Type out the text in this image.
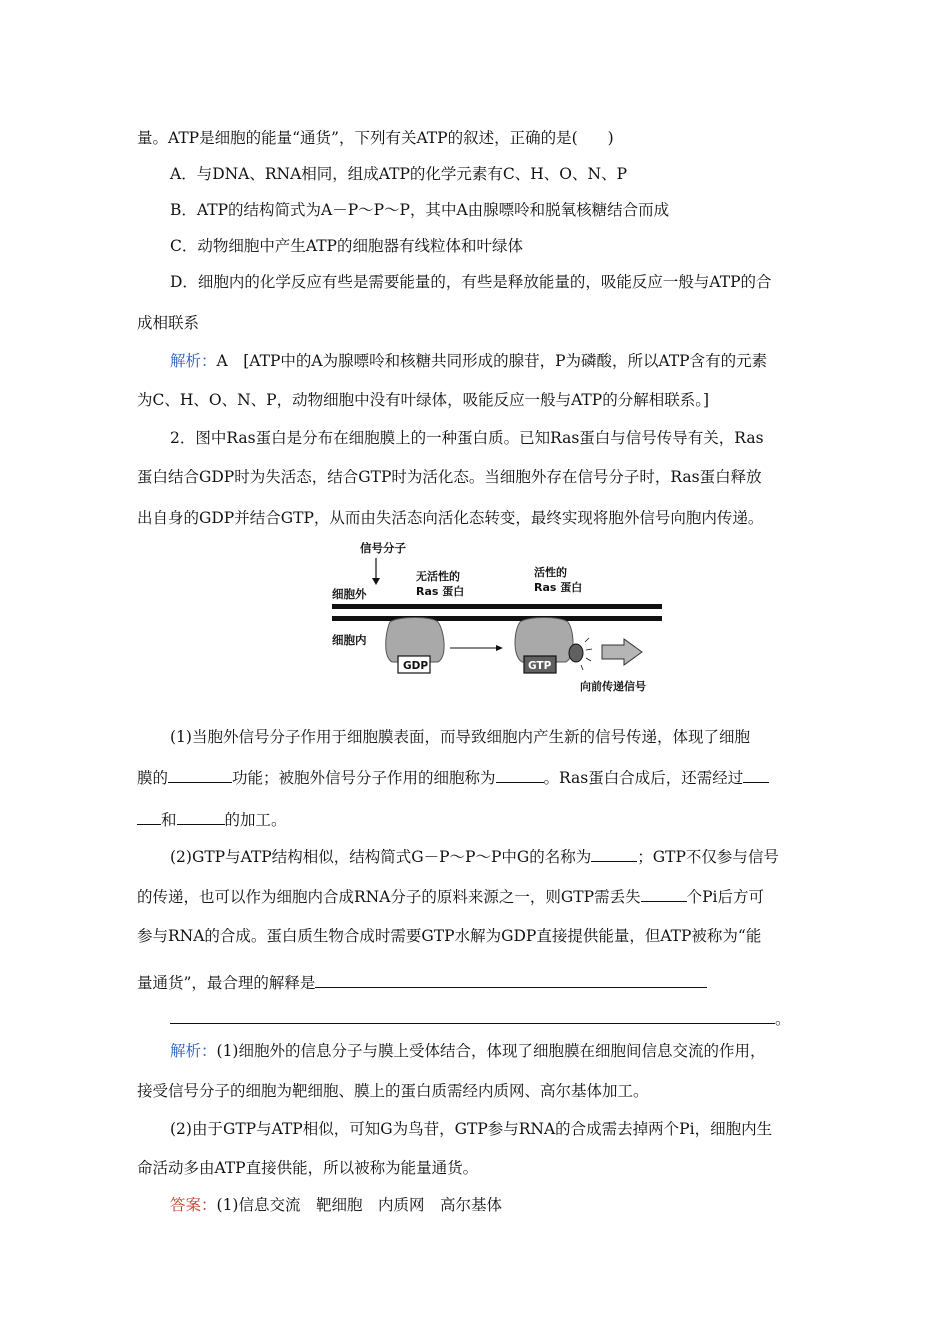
量。ATP是细胞的能量“通货”，下列有关ATP的叙述，正确的是( )
A．与DNA、RNA相同，组成ATP的化学元素有C、H、O、N、P
B．ATP的结构简式为A－P～P～P，其中A由腺嘌呤和脱氧核糖结合而成
C．动物细胞中产生ATP的细胞器有线粒体和叶绿体
D．细胞内的化学反应有些是需要能量的，有些是释放能量的，吸能反应一般与ATP的合
成相联系
解析：A　[ATP中的A为腺嘌呤和核糖共同形成的腺苷，P为磷酸，所以ATP含有的元素
为C、H、O、N、P，动物细胞中没有叶绿体，吸能反应一般与ATP的分解相联系。]
2．图中Ras蛋白是分布在细胞膜上的一种蛋白质。已知Ras蛋白与信号传导有关，Ras
蛋白结合GDP时为失活态，结合GTP时为活化态。当细胞外存在信号分子时，Ras蛋白释放
出自身的GDP并结合GTP，从而由失活态向活化态转变，最终实现将胞外信号向胞内传递。
信号分子
无活性的
Ras 蛋白
活性的
Ras 蛋白
细胞外
细胞内
GDP	GTP
向前传递信号
(1)当胞外信号分子作用于细胞膜表面，而导致细胞内产生新的信号传递，体现了细胞
膜的	功能；被胞外信号分子作用的细胞称为	。Ras蛋白合成后，还需经过
和	的加工。
(2)GTP与ATP结构相似，结构简式G－P～P～P中G的名称为	；GTP不仅参与信号
的传递，也可以作为细胞内合成RNA分子的原料来源之一，则GTP需丢失	个Pi后方可
参与RNA的合成。蛋白质生物合成时需要GTP水解为GDP直接提供能量，但ATP被称为“能
量通货”，最合理的解释是
。
解析：(1)细胞外的信息分子与膜上受体结合，体现了细胞膜在细胞间信息交流的作用，
接受信号分子的细胞为靶细胞、膜上的蛋白质需经内质网、高尔基体加工。
(2)由于GTP与ATP相似，可知G为鸟苷，GTP参与RNA的合成需去掉两个Pi，细胞内生
命活动多由ATP直接供能，所以被称为能量通货。
答案：(1)信息交流　靶细胞　内质网　高尔基体
